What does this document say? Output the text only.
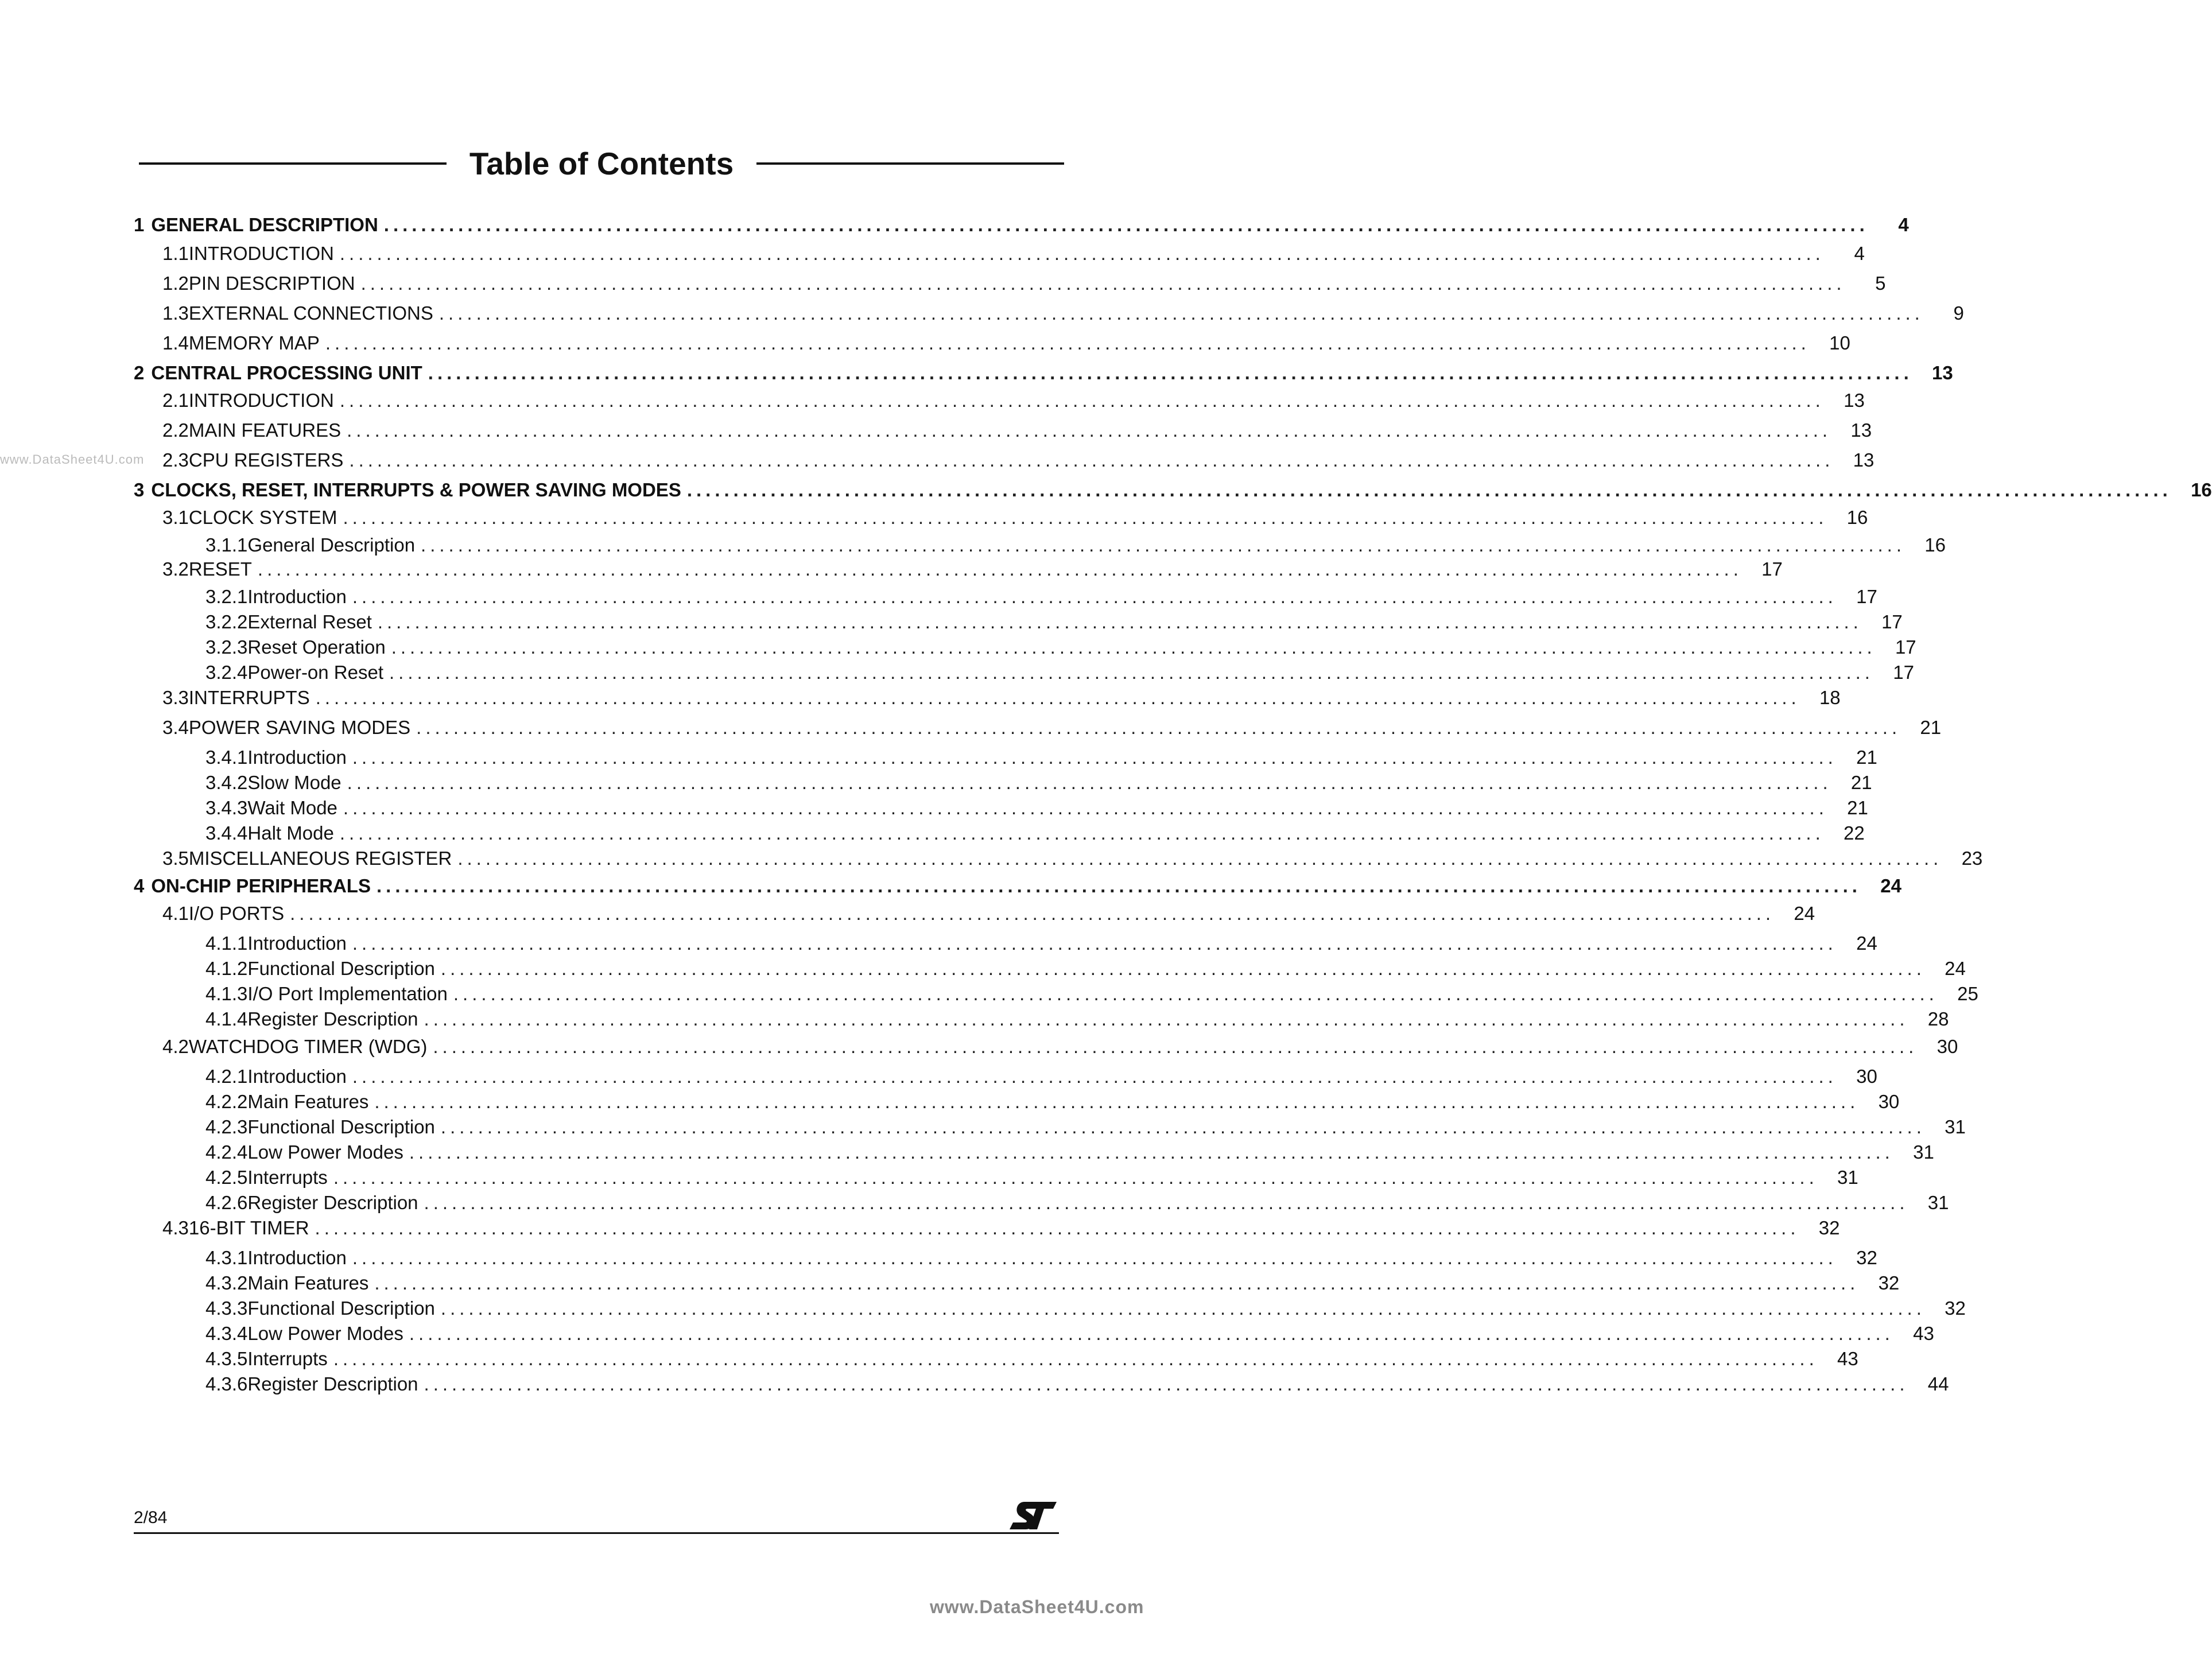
Table of Contents
www.DataSheet4U.com
1 GENERAL DESCRIPTION ................................................................................................................................................................	4
1.1 INTRODUCTION ................................................................................................................................................................	4
1.2 PIN DESCRIPTION ................................................................................................................................................................	5
1.3 EXTERNAL CONNECTIONS ................................................................................................................................................................	9
1.4 MEMORY MAP ................................................................................................................................................................	10
2 CENTRAL PROCESSING UNIT ................................................................................................................................................................	13
2.1 INTRODUCTION ................................................................................................................................................................	13
2.2 MAIN FEATURES ................................................................................................................................................................	13
2.3 CPU REGISTERS ................................................................................................................................................................	13
3 CLOCKS, RESET, INTERRUPTS & POWER SAVING MODES ................................................................................................................................................................	16
3.1 CLOCK SYSTEM ................................................................................................................................................................	16
3.1.1 General Description ................................................................................................................................................................	16
3.2 RESET ................................................................................................................................................................	17
3.2.1 Introduction ................................................................................................................................................................	17
3.2.2 External Reset ................................................................................................................................................................	17
3.2.3 Reset Operation ................................................................................................................................................................	17
3.2.4 Power-on Reset ................................................................................................................................................................	17
3.3 INTERRUPTS ................................................................................................................................................................	18
3.4 POWER SAVING MODES ................................................................................................................................................................	21
3.4.1 Introduction ................................................................................................................................................................	21
3.4.2 Slow Mode ................................................................................................................................................................	21
3.4.3 Wait Mode ................................................................................................................................................................	21
3.4.4 Halt Mode ................................................................................................................................................................	22
3.5 MISCELLANEOUS REGISTER ................................................................................................................................................................	23
4 ON-CHIP PERIPHERALS ................................................................................................................................................................	24
4.1 I/O PORTS ................................................................................................................................................................	24
4.1.1 Introduction ................................................................................................................................................................	24
4.1.2 Functional Description ................................................................................................................................................................	24
4.1.3 I/O Port Implementation ................................................................................................................................................................	25
4.1.4 Register Description ................................................................................................................................................................	28
4.2 WATCHDOG TIMER (WDG) ................................................................................................................................................................	30
4.2.1 Introduction ................................................................................................................................................................	30
4.2.2 Main Features ................................................................................................................................................................	30
4.2.3 Functional Description ................................................................................................................................................................	31
4.2.4 Low Power Modes ................................................................................................................................................................	31
4.2.5 Interrupts ................................................................................................................................................................	31
4.2.6 Register Description ................................................................................................................................................................	31
4.3 16-BIT TIMER ................................................................................................................................................................	32
4.3.1 Introduction ................................................................................................................................................................	32
4.3.2 Main Features ................................................................................................................................................................	32
4.3.3 Functional Description ................................................................................................................................................................	32
4.3.4 Low Power Modes ................................................................................................................................................................	43
4.3.5 Interrupts ................................................................................................................................................................	43
4.3.6 Register Description ................................................................................................................................................................	44
2/84
www.DataSheet4U.com
